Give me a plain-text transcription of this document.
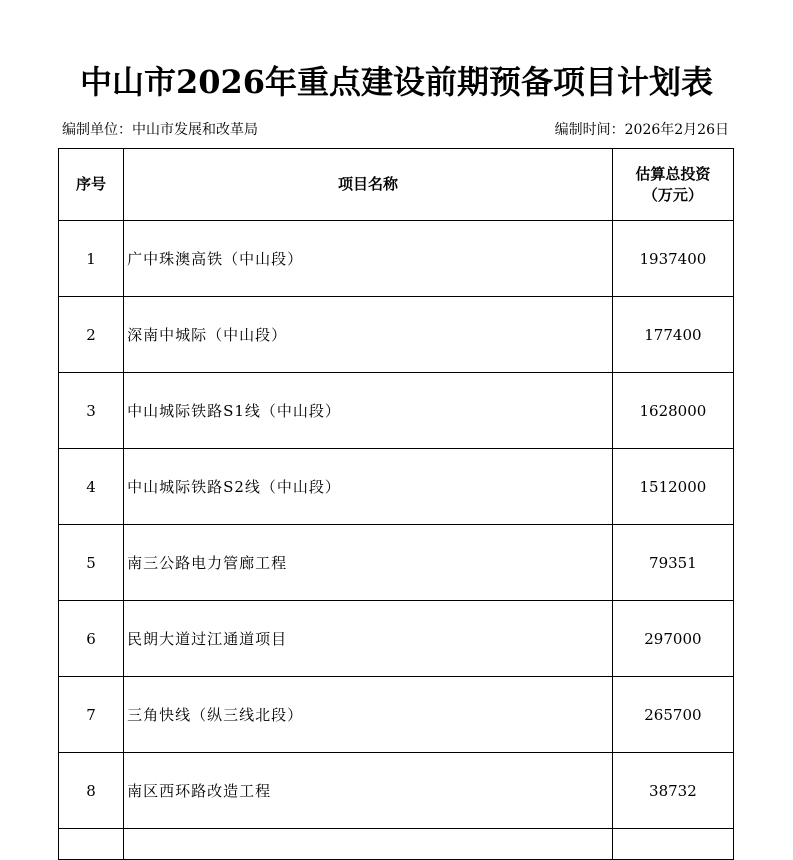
中山市2026年重点建设前期预备项目计划表
编制单位：中山市发展和改革局	编制时间：2026年2月26日
序号	项目名称	估算总投资
（万元）

1	广中珠澳高铁（中山段）	1937400
2	深南中城际（中山段）	177400
3	中山城际铁路S1线（中山段）	1628000
4	中山城际铁路S2线（中山段）	1512000
5	南三公路电力管廊工程	79351
6	民朗大道过江通道项目	297000
7	三角快线（纵三线北段）	265700
8	南区西环路改造工程	38732
